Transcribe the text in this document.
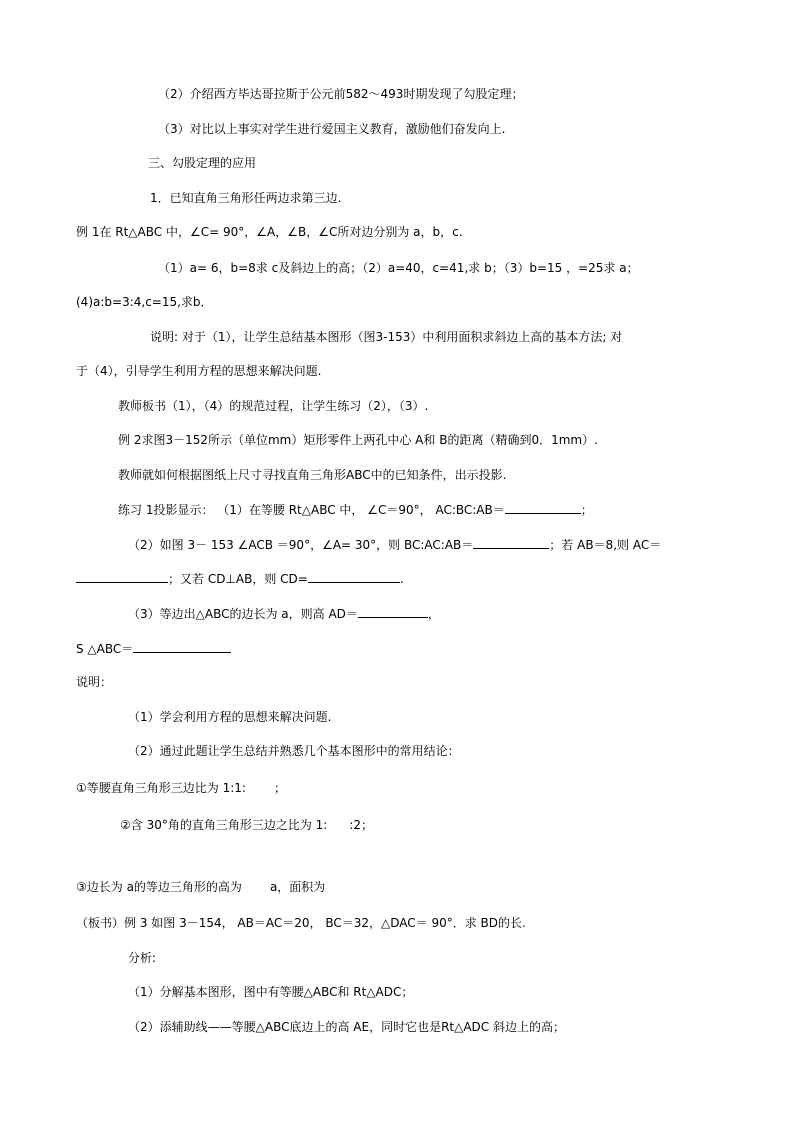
（2）介绍西方毕达哥拉斯于公元前582～493时期发现了勾股定理；
（3）对比以上事实对学生进行爱国主义教育，激励他们奋发向上.
三、勾股定理的应用
1．已知直角三角形任两边求第三边.
例 1在 Rt△ABC 中，∠C= 90°，∠A，∠B，∠C所对边分别为 a，b，c.
（1）a= 6，b=8求 c及斜边上的高；（2）a=40，c=41,求 b；（3）b=15 ，=25求 a；
(4)a:b=3:4,c=15,求b．
说明: 对于（1），让学生总结基本图形（图3-153）中利用面积求斜边上高的基本方法; 对
于（4），引导学生利用方程的思想来解决问题.
教师板书（1），（4）的规范过程，让学生练习（2），（3）.
例 2求图3－152所示（单位mm）矩形零件上两孔中心 A和 B的距离（精确到0．1mm）.
教师就如何根据图纸上尺寸寻找直角三角形ABC中的已知条件，出示投影.
练习 1投影显示： （1）在等腰 Rt△ABC 中， ∠C＝90°， AC:BC:AB＝	；
（2）如图 3－ 153 ∠ACB ＝90°，∠A= 30°，则 BC:AC:AB＝	；若 AB＝8,则 AC＝
；又若 CD⊥AB，则 CD=	.
（3）等边出△ABC的边长为 a，则高 AD＝	，
S △ABC＝
说明：
（1）学会利用方程的思想来解决问题.
（2）通过此题让学生总结并熟悉几个基本图形中的常用结论：
①等腰直角三角形三边比为 1:1: ；
②含 30°角的直角三角形三边之比为 1: :2；
③边长为 a的等边三角形的高为 a，面积为
（板书）例 3 如图 3－154， AB＝AC＝20， BC＝32，△DAC＝ 90°．求 BD的长.
分析:
（1）分解基本图形，图中有等腰△ABC和 Rt△ADC；
（2）添辅助线——等腰△ABC底边上的高 AE，同时它也是Rt△ADC 斜边上的高；
